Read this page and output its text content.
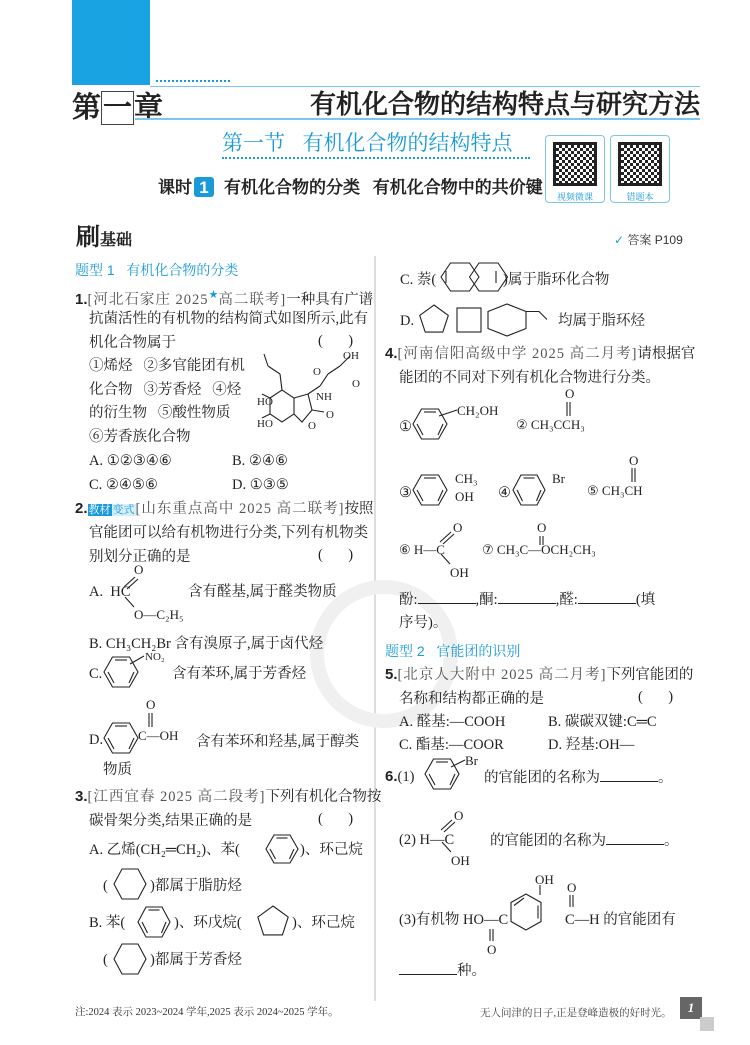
第一章	有机化合物的结构特点与研究方法
第一节   有机化合物的结构特点
课时 1 有机化合物的分类   有机化合物中的共价键	视频微课	错题本
刷基础	✓ 答案 P109
题型 1   有机化合物的分类
1.[河北石家庄 2025★高二联考]一种具有广谱
抗菌活性的有机物的结构简式如图所示,此有
机化合物属于	(       )
①烯烃   ②多官能团有机
化合物   ③芳香烃   ④烃
的衍生物   ⑤酸性物质
⑥芳香族化合物
OH
O
O
NH
HO
HO
O
O
A. ①②③④⑥	B. ②④⑥
C. ②④⑤⑥	D. ①③⑤
2.教材 变式[山东重点高中 2025 高二联考]按照
官能团可以给有机物进行分类,下列有机物类
别划分正确的是	(       )
O
A.  HC	含有醛基,属于醛类物质
O—C₂H₅
B. CH₃CH₂Br 含有溴原子,属于卤代烃
C.
NO₂
含有苯环,属于芳香烃
O
D.	C—OH 含有苯环和羟基,属于醇类
物质
3.[江西宜春 2025 高二段考]下列有机化合物按
碳骨架分类,结果正确的是	(       )
A. 乙烯(CH₂═CH₂)、苯(	)、环己烷
(	)都属于脂肪烃
B. 苯(	)、环戊烷(	)、环己烷
(	)都属于芳香烃
注:2024 表示 2023~2024 学年,2025 表示 2024~2025 学年。
C. 萘(	)属于脂环化合物
D.	均属于脂环烃
4.[河南信阳高级中学 2025 高二月考]请根据官
能团的不同对下列有机化合物进行分类。
①
CH₂OH
O
② CH₃CCH₃
③
CH₃
OH ④
Br
O
⑤ CH₃CH
O
⑥ H—C
OH
O
⑦ CH₃C—OCH₂CH₃
酚:	,酮:	,醛:	(填
序号)。
题型 2   官能团的识别
5.[北京人大附中 2025 高二月考]下列官能团的
名称和结构都正确的是	(       )
A. 醛基:—COOH	B. 碳碳双键:C═C
C. 酯基:—COOR	D. 羟基:OH—
6.(1)
Br
的官能团的名称为	。
O
(2) H—C
OH
的官能团的名称为	。
OH
O
(3)有机物 HO—C	C—H 的官能团有
O
种。
无人问津的日子,正是登峰造极的好时光。	1
